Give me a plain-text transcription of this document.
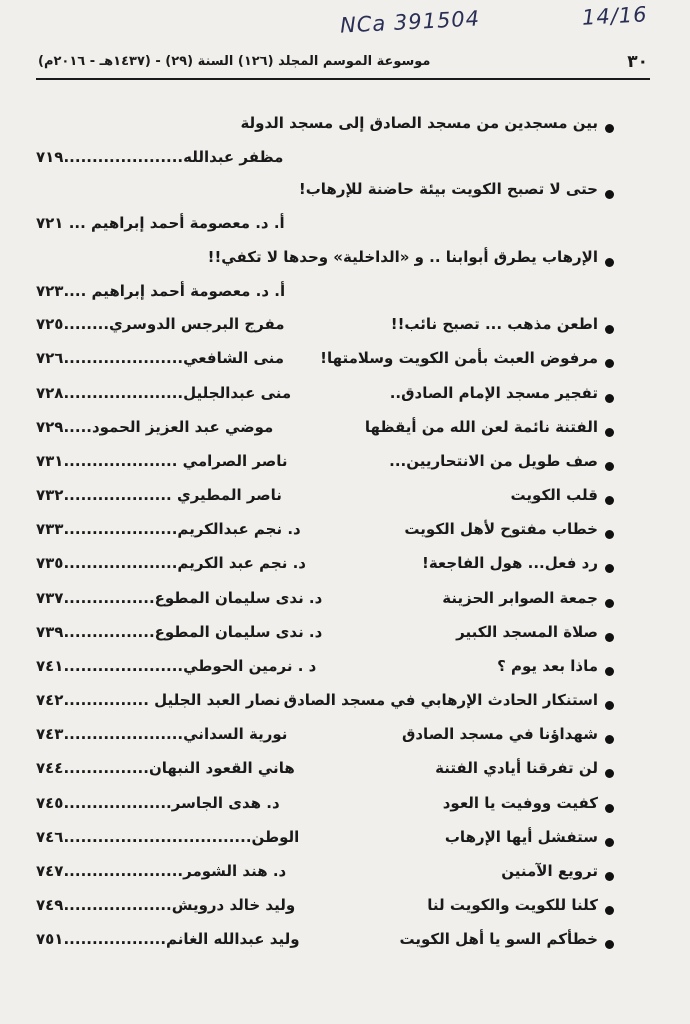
NCa 391504	14/16
موسوعة الموسم المجلد (١٢٦) السنة (٢٩) - (١٤٣٧هـ - ٢٠١٦م)	٣٠
بين مسجدين من مسجد الصادق إلى مسجد الدولة
مظفر عبدالله.....................٧١٩
حتى لا تصبح الكويت بيئة حاضنة للإرهاب!
أ. د. معصومة أحمد إبراهيم ... ٧٢١
الإرهاب يطرق أبوابنا .. و «الداخلية» وحدها لا تكفي!!
أ. د. معصومة أحمد إبراهيم ....٧٢٣
اطعن مذهب ... تصبح نائب!!
مفرج البرجس الدوسري........٧٢٥
مرفوض العبث بأمن الكويت وسلامتها!
منى الشافعي.....................٧٢٦
تفجير مسجد الإمام الصادق..
منى عبدالجليل.....................٧٢٨
الفتنة نائمة لعن الله من أيقظها
موضي عبد العزيز الحمود.....٧٢٩
صف طويل من الانتحاريين...
ناصر الصرامي ....................٧٣١
قلب الكويت
ناصر المطيري ...................٧٣٢
خطاب مفتوح لأهل الكويت
د. نجم عبدالكريم....................٧٣٣
رد فعل... هول الفاجعة!
د. نجم عبد الكريم....................٧٣٥
جمعة الصوابر الحزينة
د. ندى سليمان المطوع................٧٣٧
صلاة المسجد الكبير
د. ندى سليمان المطوع................٧٣٩
ماذا بعد يوم ؟
د . نرمين الحوطي.....................٧٤١
استنكار الحادث الإرهابي في مسجد الصادق
نصار العبد الجليل ...............٧٤٢
شهداؤنا في مسجد الصادق
نورية السداني.....................٧٤٣
لن تفرقنا أيادي الفتنة
هاني القعود النبهان...............٧٤٤
كفيت ووفيت يا العود
د. هدى الجاسر...................٧٤٥
ستفشل أيها الإرهاب
الوطن.................................٧٤٦
ترويع الآمنين
د. هند الشومر.....................٧٤٧
كلنا للكويت والكويت لنا
وليد خالد درويش...................٧٤٩
خطأكم السو يا أهل الكويت
وليد عبدالله الغانم..................٧٥١
